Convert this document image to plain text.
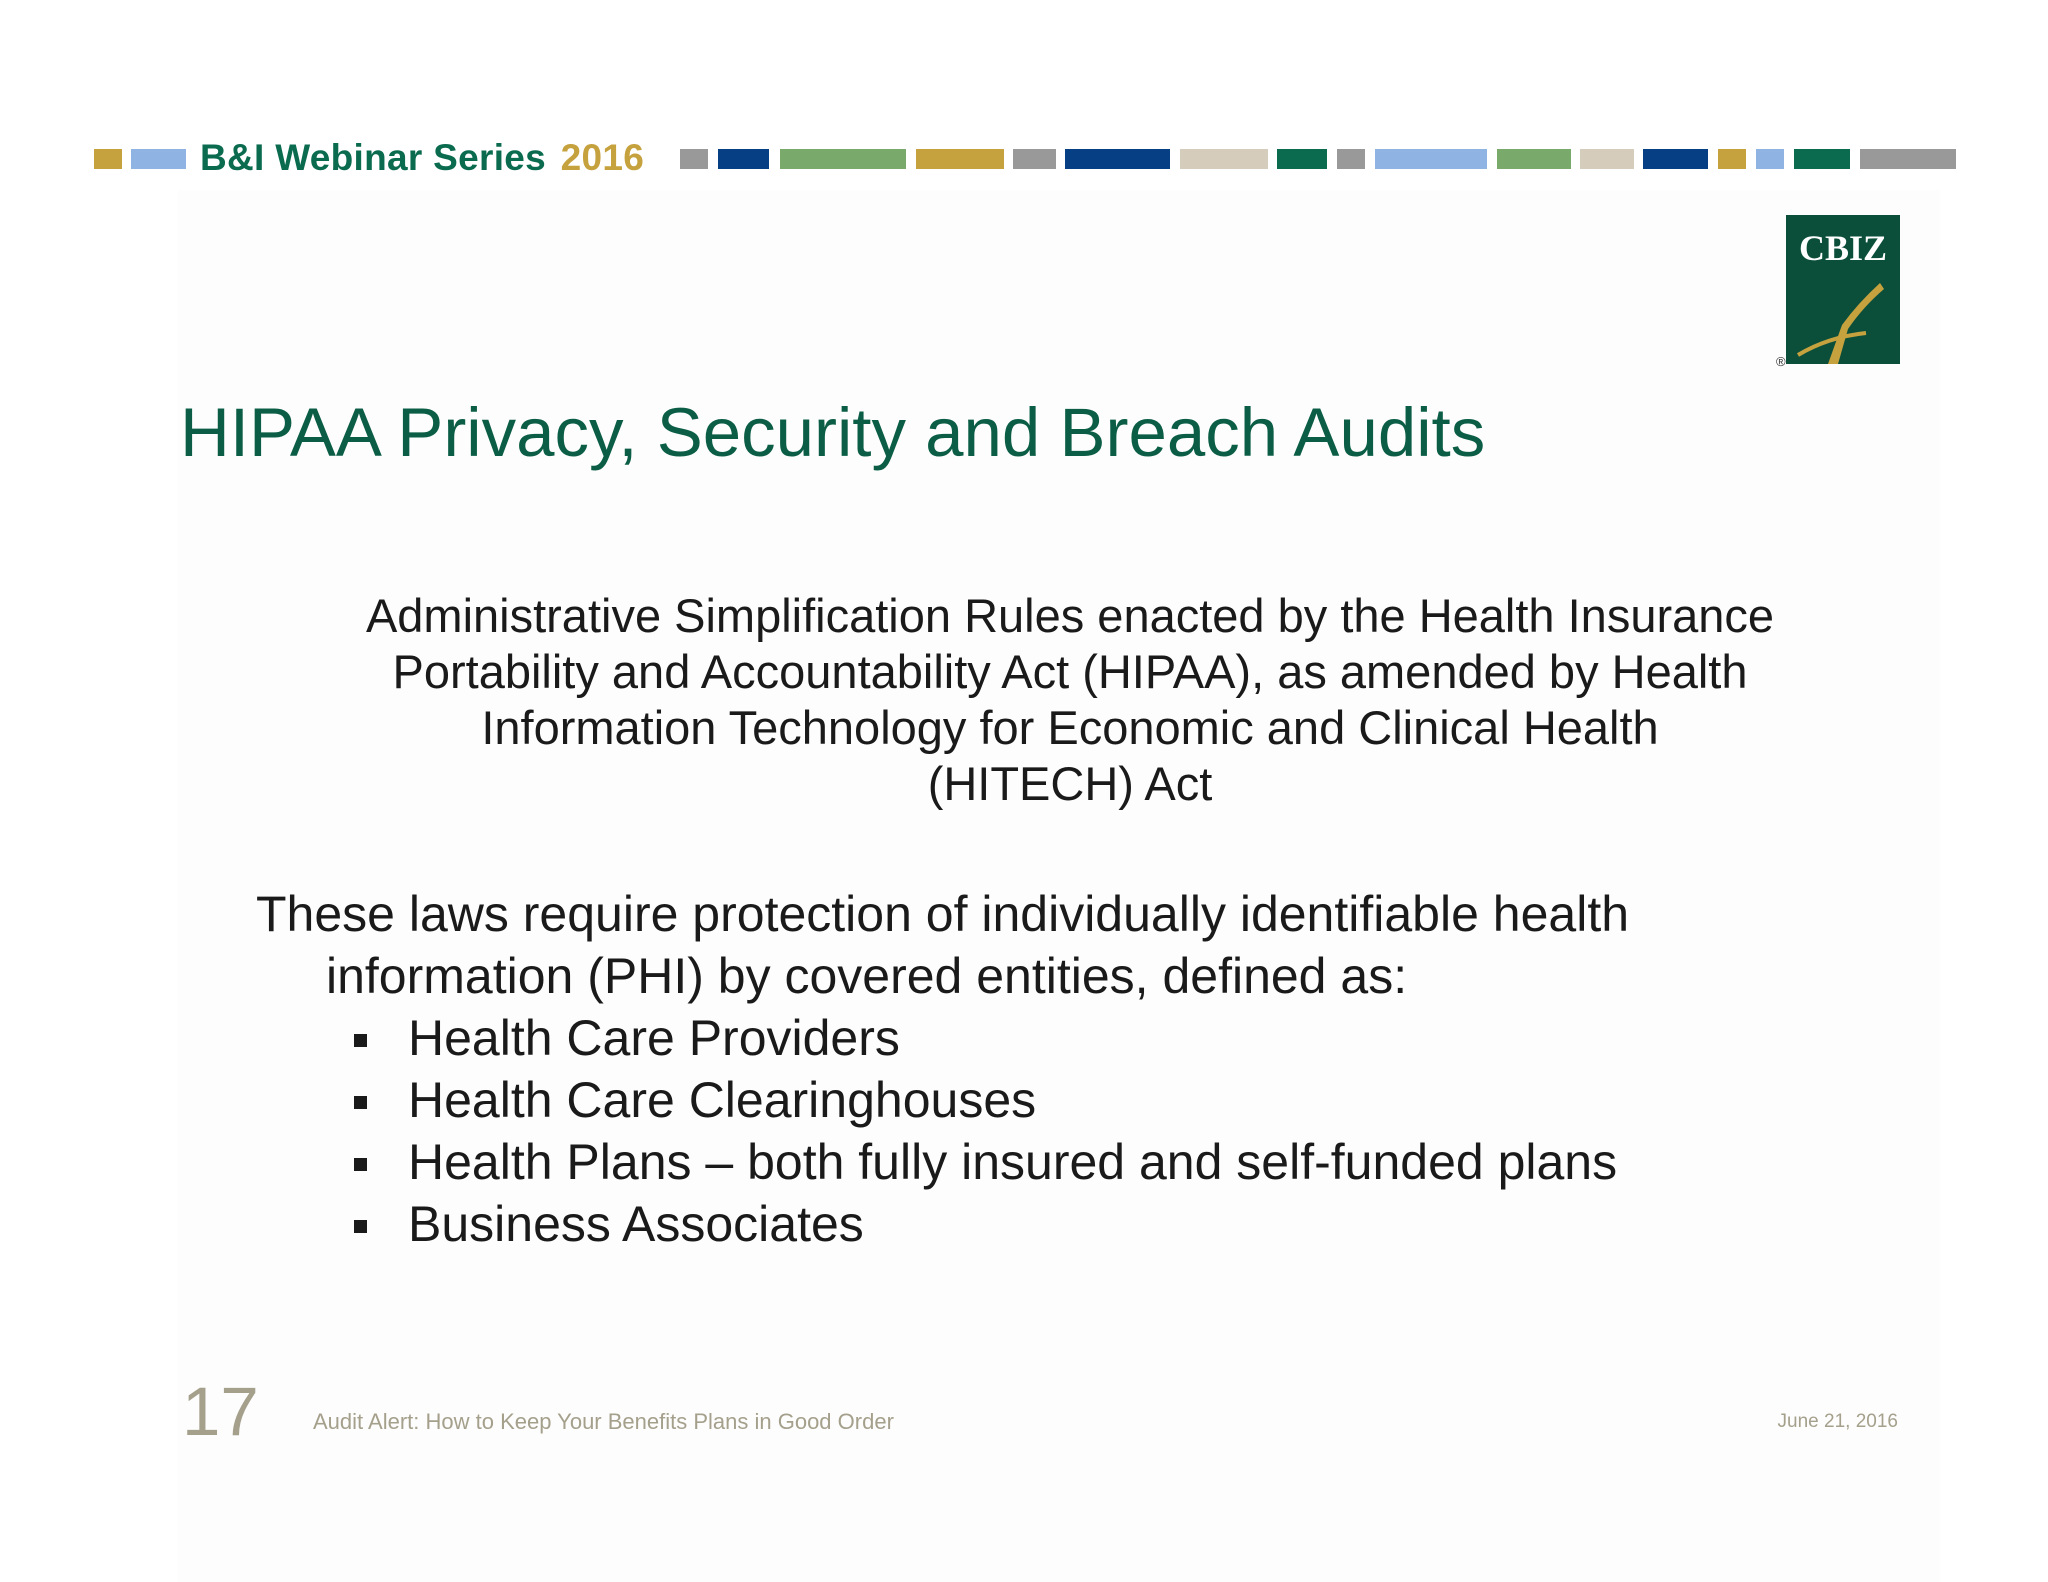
B&I Webinar Series 2016
CBIZ
®
HIPAA Privacy, Security and Breach Audits
Administrative Simplification Rules enacted by the Health Insurance
Portability and Accountability Act (HIPAA), as amended by Health
Information Technology for Economic and Clinical Health
(HITECH) Act
These laws require protection of individually identifiable health
information (PHI) by covered entities, defined as:
Health Care Providers
Health Care Clearinghouses
Health Plans – both fully insured and self-funded plans
Business Associates
17 Audit Alert: How to Keep Your Benefits Plans in Good Order	June 21, 2016
